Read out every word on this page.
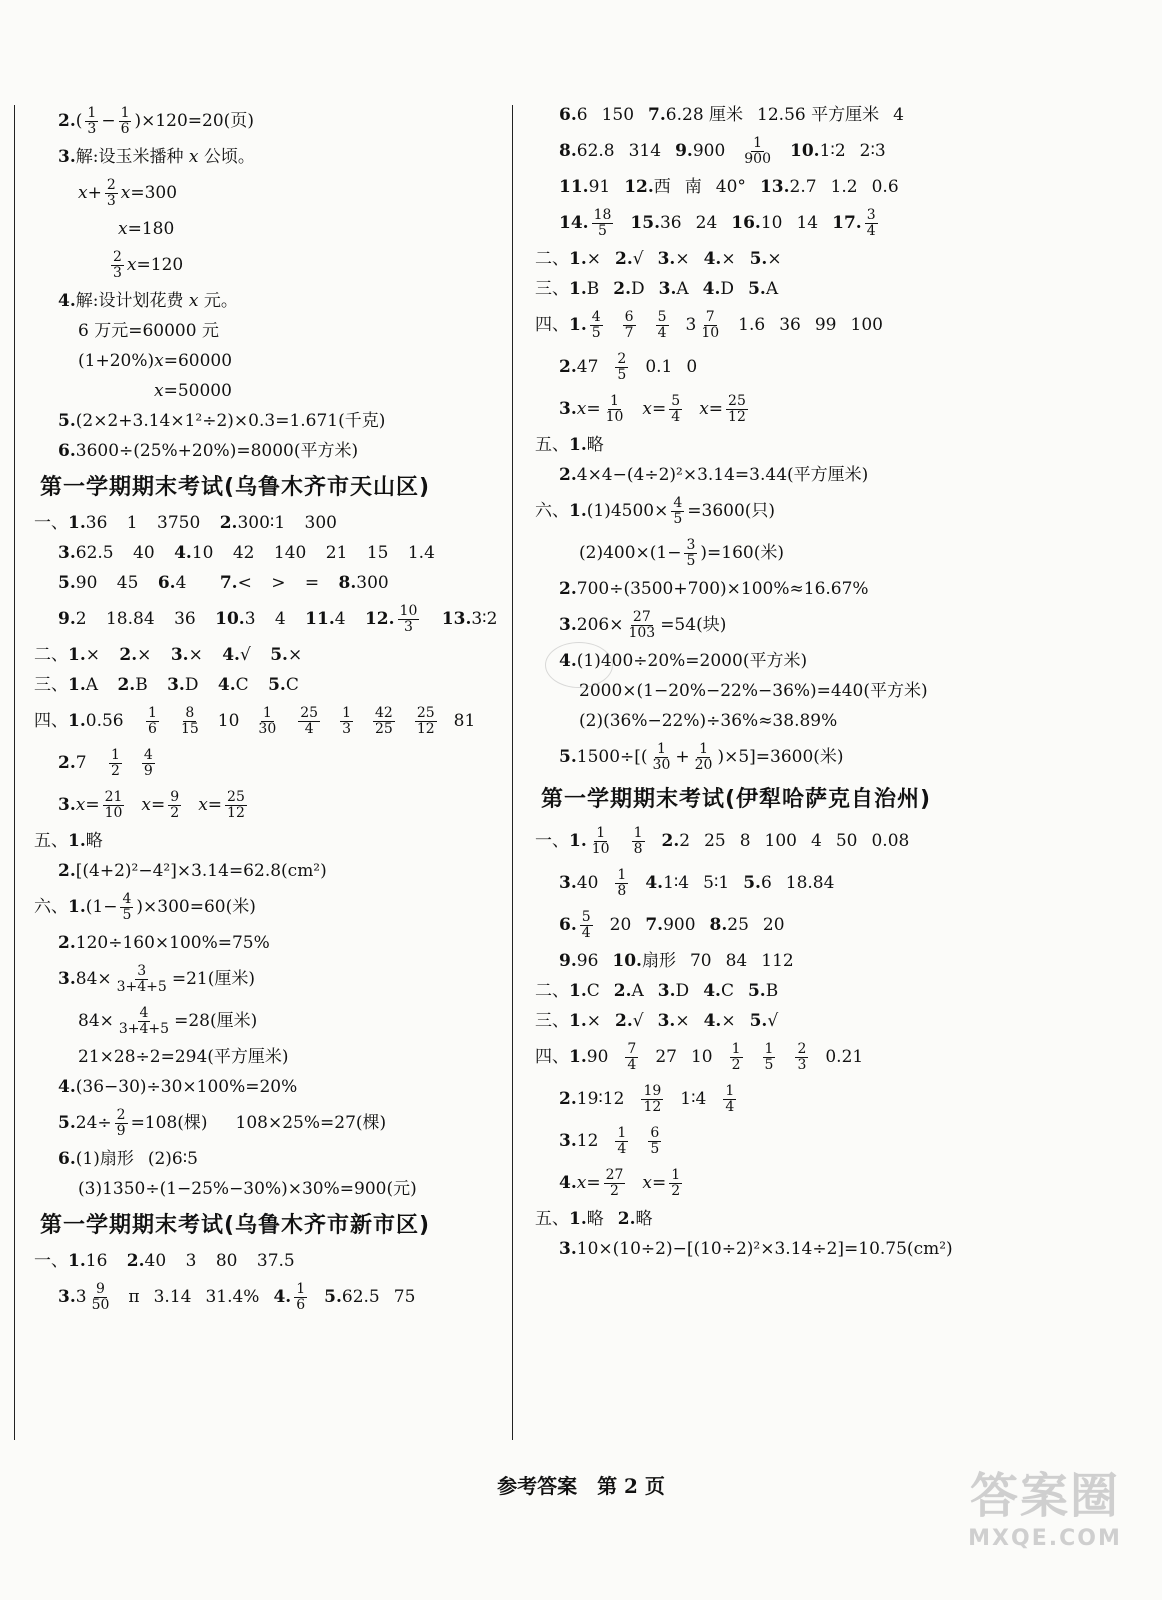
$2.( \frac{1}{3} - \frac{1}{6} )\times 120=20$(页)
3.解:设玉米播种 x 公顷。
$x+ \frac{2}{3} x=300$
x=180
$\frac{2}{3} x=120$
4.解:设计划花费 x 元。
6 万元=60000 元
(1+20%)x=60000
x=50000
5.(2×2+3.14×1²÷2)×0.3=1.671(千克)
6.3600÷(25%+20%)=8000(平方米)
第一学期期末考试(乌鲁木齐市天山区)
一、1.36 1 3750 2.300∶1 300
3.62.5 40 4.10 42 140 21 15 1.4
5.90 45 6.4 7.< > = 8.300
9.2 18.84 36 10.3 4 11.4 12. $\frac{10}{3}$ 13.3∶2
二、1.× 2.× 3.× 4.√ 5.×
三、1.A 2.B 3.D 4.C 5.C
四、$1.0.56 \frac{1}{6} \frac{8}{15} 10 \frac{1}{30} \frac{25}{4} \frac{1}{3} \frac{42}{25} \frac{25}{12} 81$
$2.7 \frac{1}{2} \frac{4}{9}$
$3.x= \frac{21}{10} x= \frac{9}{2} x= \frac{25}{12}$
五、1.略
2.[(4+2)²−4²]×3.14=62.8(cm²)
六、$1.(1- \frac{4}{5} )\times 300=60$(米)
2.120÷160×100%=75%
$3.84\times \frac{3}{3+4+5} =21$(厘米)
$84\times \frac{4}{3+4+5} =28$(厘米)
21×28÷2=294(平方厘米)
4.(36−30)÷30×100%=20%
$5.24\div \frac{2}{9} =108$(棵) 108×25%=27(棵)
6.(1)扇形 (2)6∶5
(3)1350÷(1−25%−30%)×30%=900(元)
第一学期期末考试(乌鲁木齐市新市区)
一、1.16 2.40 3 80 37.5
$3.3 \frac{9}{50}$ π 3.14 31.4% 4. $\frac{1}{6} 5.62.5$ 75
6.6 150 7.6.28 厘米 12.56 平方厘米 4
8.62.8 314 $9.900 \frac{1}{900}$ 10.1∶2 2∶3
11.91 12.西 南 40° 13.2.7 1.2 0.6
14. $\frac{18}{5} 15.36$ 24 16.10 14 17. $\frac{3}{4}$
二、1.× 2.√ 3.× 4.× 5.×
三、1.B 2.D 3.A 4.D 5.A
四、1. $\frac{4}{5} \frac{6}{7} \frac{5}{4} 3 \frac{7}{10} 1.6$ 36 99 100
$2.47 \frac{2}{5} 0.1$ 0
$3.x= \frac{1}{10} x= \frac{5}{4} x= \frac{25}{12}$
五、1.略
2.4×4−(4÷2)²×3.14=3.44(平方厘米)
六、$1.(1)4500\times \frac{4}{5} =3600$(只)
$(2)400\times(1- \frac{3}{5} )=160$(米)
2.700÷(3500+700)×100%≈16.67%
$3.206\times \frac{27}{103} =54$(块)
4.(1)400÷20%=2000(平方米)
2000×(1−20%−22%−36%)=440(平方米)
(2)(36%−22%)÷36%≈38.89%
$5.1500\div[( \frac{1}{30} + \frac{1}{20} )\times 5]=3600$(米)
第一学期期末考试(伊犁哈萨克自治州)
一、1. $\frac{1}{10} \frac{1}{8} 2.2$ 25 8 100 4 50 0.08
$3.40 \frac{1}{8}$ 4.1∶4 5∶1 5.6 18.84
6. $\frac{5}{4} 20$ 7.900 8.25 20
9.96 10.扇形 70 84 112
二、1.C 2.A 3.D 4.C 5.B
三、1.× 2.√ 3.× 4.× 5.√
四、$1.90 \frac{7}{4} 27$ $10 \frac{1}{2} \frac{1}{5} \frac{2}{3} 0.21$
2.19∶12 $\frac{19}{12}$ 1∶4 $\frac{1}{4}$
$3.12 \frac{1}{4} \frac{6}{5}$
$4.x= \frac{27}{2} x= \frac{1}{2}$
五、1.略 2.略
3.10×(10÷2)−[(10÷2)²×3.14÷2]=10.75(cm²)
参考答案　第 2 页	答案圈
MXQE.COM
